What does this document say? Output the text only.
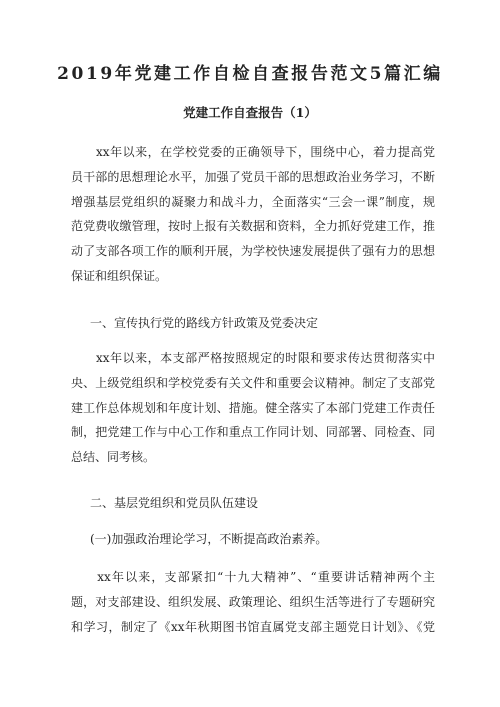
2019年党建工作自检自查报告范文5篇汇编
党建工作自查报告（1）

　　xx年以来，在学校党委的正确领导下，围绕中心，着力提高党
员干部的思想理论水平，加强了党员干部的思想政治业务学习，不断
增强基层党组织的凝聚力和战斗力，全面落实“三会一课”制度，规
范党费收缴管理，按时上报有关数据和资料，全力抓好党建工作，推
动了支部各项工作的顺利开展，为学校快速发展提供了强有力的思想
保证和组织保证。

一、宣传执行党的路线方针政策及党委决定

　　xx年以来，本支部严格按照规定的时限和要求传达贯彻落实中
央、上级党组织和学校党委有关文件和重要会议精神。制定了支部党
建工作总体规划和年度计划、措施。健全落实了本部门党建工作责任
制，把党建工作与中心工作和重点工作同计划、同部署、同检查、同
总结、同考核。

二、基层党组织和党员队伍建设

(一)加强政治理论学习，不断提高政治素养。

　　xx年以来，支部紧扣“十九大精神”、“重要讲话精神两个主
题，对支部建设、组织发展、政策理论、组织生活等进行了专题研究
和学习，制定了《xx年秋期图书馆直属党支部主题党日计划》、《党
